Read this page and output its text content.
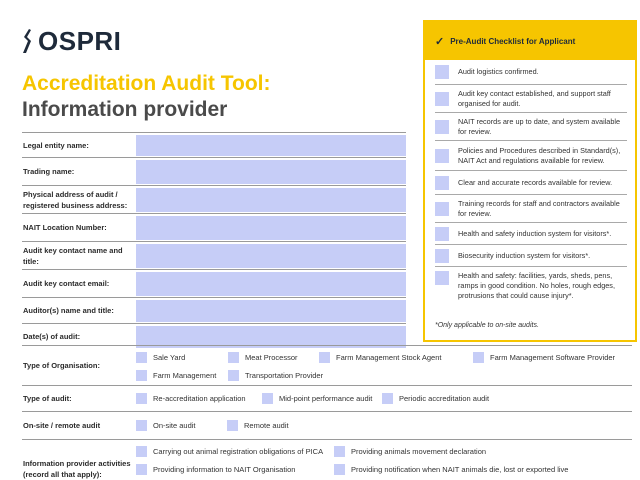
OSPRI
Accreditation Audit Tool:
Information provider
Legal entity name:
Trading name:
Physical address of audit / registered business address:
NAIT Location Number:
Audit key contact name and title:
Audit key contact email:
Auditor(s) name and title:
Date(s) of audit:
Type of Organisation:
Sale Yard	Meat Processor	Farm Management Stock Agent	Farm Management Software Provider
Farm Management	Transportation Provider
Type of audit:	Re-accreditation application	Mid-point performance audit	Periodic accreditation audit
On-site / remote audit	On-site audit	Remote audit
Information provider activities (record all that apply):
Carrying out animal registration obligations of PICA	Providing animals movement declaration
Providing information to NAIT Organisation	Providing notification when NAIT animals die, lost or exported live
✓ Pre-Audit Checklist for Applicant
Audit logistics confirmed.
Audit key contact established, and support staff organised for audit.
NAIT records are up to date, and system available for review.
Policies and Procedures described in Standard(s), NAIT Act and regulations available for review.
Clear and accurate records available for review.
Training records for staff and contractors available for review.
Health and safety induction system for visitors*.
Biosecurity induction system for visitors*.
Health and safety: facilities, yards, sheds, pens, ramps in good condition. No holes, rough edges, protrusions that could cause injury*.
*Only applicable to on-site audits.
